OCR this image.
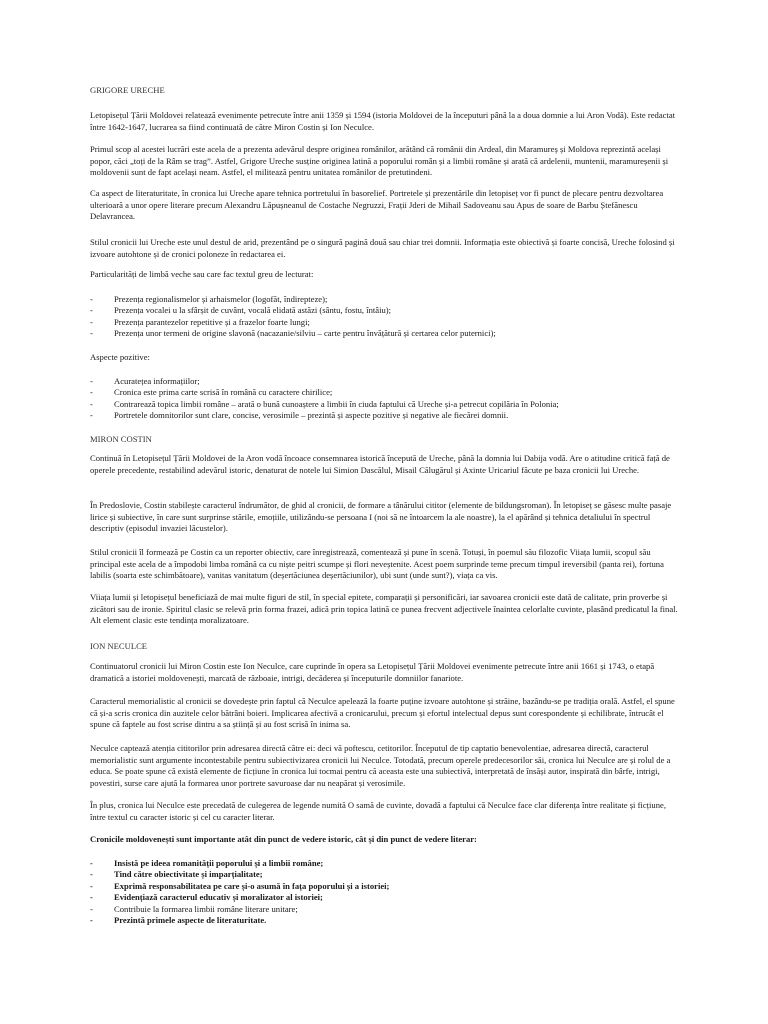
GRIGORE URECHE

Letopisețul Țării Moldovei relatează evenimente petrecute între anii 1359 și 1594 (istoria Moldovei de la începuturi până la a doua domnie a lui Aron Vodă). Este redactat între 1642-1647, lucrarea sa fiind continuată de către Miron Costin și Ion Neculce.

Primul scop al acestei lucrări este acela de a prezenta adevărul despre originea românilor, arătând că românii din Ardeal, din Maramureș și Moldova reprezintă același popor, căci „toți de la Râm se trag”. Astfel, Grigore Ureche susține originea latină a poporului român și a limbii române și arată că ardelenii, muntenii, maramureșenii și moldovenii sunt de fapt același neam. Astfel, el militează pentru unitatea românilor de pretutindeni.

Ca aspect de literaturitate, în cronica lui Ureche apare tehnica portretului în basorelief. Portretele și prezentările din letopiseț vor fi punct de plecare pentru dezvoltarea ulterioară a unor opere literare precum Alexandru Lăpușneanul de Costache Negruzzi, Frații Jderi de Mihail Sadoveanu sau Apus de soare de Barbu Ștefănescu Delavrancea.

Stilul cronicii lui Ureche este unul destul de arid, prezentând pe o singură pagină două sau chiar trei domnii. Informația este obiectivă și foarte concisă, Ureche folosind și izvoare autohtone și de cronici poloneze în redactarea ei.

Particularități de limbă veche sau care fac textul greu de lecturat:

- Prezența regionalismelor și arhaismelor (logofăt, îndirepteze);
- Prezența vocalei u la sfârșit de cuvânt, vocală elidată astăzi (sântu, fostu, întâiu);
- Prezența parantezelor repetitive și a frazelor foarte lungi;
- Prezența unor termeni de origine slavonă (nacazanie/silviu – carte pentru învățătură și certarea celor puternici);

Aspecte pozitive:

- Acuratețea informațiilor;
- Cronica este prima carte scrisă în română cu caractere chirilice;
- Contrarează topica limbii române – arată o bună cunoaștere a limbii în ciuda faptului că Ureche și-a petrecut copilăria în Polonia;
- Portretele domnitorilor sunt clare, concise, verosimile – prezintă și aspecte pozitive și negative ale fiecărei domnii.

MIRON COSTIN

Continuă în Letopisețul Țării Moldovei de la Aron vodă încoace consemnarea istorică începută de Ureche, până la domnia lui Dabija vodă. Are o atitudine critică față de operele precedente, restabilind adevărul istoric, denaturat de notele lui Simion Dascălul, Misail Călugărul și Axinte Uricariul făcute pe baza cronicii lui Ureche.

În Predoslovie, Costin stabilește caracterul îndrumător, de ghid al cronicii, de formare a tânărului cititor (elemente de bildungsroman). În letopiseț se găsesc multe pasaje lirice și subiective, în care sunt surprinse stările, emoțiile, utilizându-se persoana I (noi să ne întoarcem la ale noastre), la el apărând și tehnica detaliului în spectrul descriptiv (episodul invaziei lăcustelor).

Stilul cronicii îl formează pe Costin ca un reporter obiectiv, care înregistrează, comentează și pune în scenă. Totuși, în poemul său filozofic Viiața lumii, scopul său principal este acela de a împodobi limba română ca cu niște peitri scumpe și flori neveștenite. Acest poem surprinde teme precum timpul ireversibil (panta rei), fortuna labilis (soarta este schimbătoare), vanitas vanitatum (deșertăciunea deșertăciunilor), ubi sunt (unde sunt?), viața ca vis.

Viiața lumii și letopisețul beneficiază de mai multe figuri de stil, în special epitete, comparații și personificări, iar savoarea cronicii este dată de calitate, prin proverbe și zicători sau de ironie. Spiritul clasic se relevă prin forma frazei, adică prin topica latină ce punea frecvent adjectivele înaintea celorlalte cuvinte, plasând predicatul la final. Alt element clasic este tendința moralizatoare.

ION NECULCE

Continuatorul cronicii lui Miron Costin este Ion Neculce, care cuprinde în opera sa Letopisețul Țării Moldovei evenimente petrecute între anii 1661 și 1743, o etapă dramatică a istoriei moldovenești, marcată de războaie, intrigi, decăderea și începuturile domniilor fanariote.

Caracterul memorialistic al cronicii se dovedește prin faptul că Neculce apelează la foarte puține izvoare autohtone și străine, bazându-se pe tradiția orală. Astfel, el spune că și-a scris cronica din auzitele celor bătrâni boieri. Implicarea afectivă a cronicarului, precum și efortul intelectual depus sunt corespondente și echilibrate, întrucât el spune că faptele au fost scrise dintru a sa știință și au fost scrisă în inima sa.

Neculce captează atenția cititorilor prin adresarea directă către ei: deci vă poftescu, cetitorilor. Începutul de tip captatio benevolentiae, adresarea directă, caracterul memorialistic sunt argumente incontestabile pentru subiectivizarea cronicii lui Neculce. Totodată, precum operele predecesorilor săi, cronica lui Neculce are și rolul de a educa. Se poate spune că există elemente de ficțiune în cronica lui tocmai pentru că aceasta este una subiectivă, interpretată de însăși autor, inspirată din bârfe, intrigi, povestiri, surse care ajută la formarea unor portrete savuroase dar nu neapărat și verosimile.

În plus, cronica lui Neculce este precedată de culegerea de legende numită O samă de cuvinte, dovadă a faptului că Neculce face clar diferența între realitate și ficțiune, între textul cu caracter istoric și cel cu caracter literar.

Cronicile moldovenești sunt importante atât din punct de vedere istoric, cât și din punct de vedere literar:

- Insistă pe ideea romanității poporului și a limbii române;
- Tind către obiectivitate și imparțialitate;
- Exprimă responsabilitatea pe care și-o asumă în fața poporului și a istoriei;
- Evidențiază caracterul educativ și moralizator al istoriei;
- Contribuie la formarea limbii române literare unitare;
- Prezintă primele aspecte de literaturitate.
